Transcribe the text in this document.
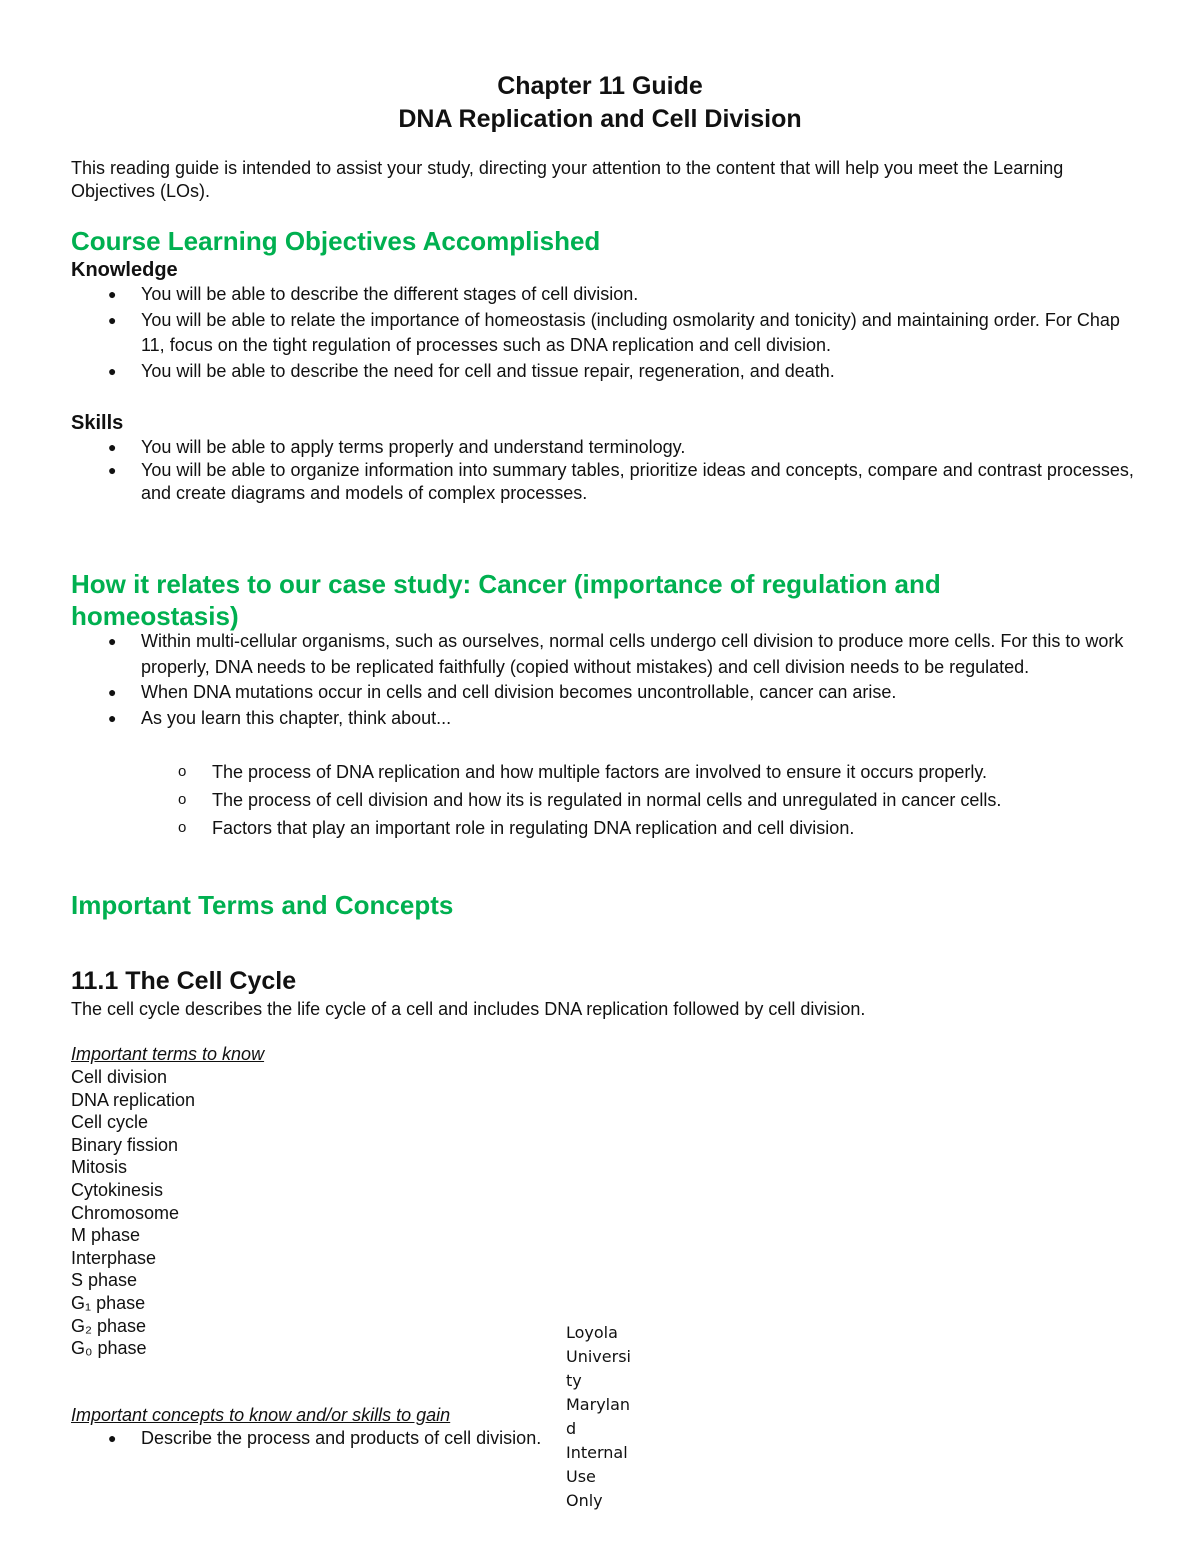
Chapter 11 Guide
DNA Replication and Cell Division
This reading guide is intended to assist your study, directing your attention to the content that will help you meet the Learning Objectives (LOs).
Course Learning Objectives Accomplished
Knowledge
● You will be able to describe the different stages of cell division.
● You will be able to relate the importance of homeostasis (including osmolarity and tonicity) and maintaining order. For Chap 11, focus on the tight regulation of processes such as DNA replication and cell division.
● You will be able to describe the need for cell and tissue repair, regeneration, and death.
Skills
● You will be able to apply terms properly and understand terminology.
● You will be able to organize information into summary tables, prioritize ideas and concepts, compare and contrast processes, and create diagrams and models of complex processes.
How it relates to our case study: Cancer (importance of regulation and homeostasis)
● Within multi-cellular organisms, such as ourselves, normal cells undergo cell division to produce more cells. For this to work properly, DNA needs to be replicated faithfully (copied without mistakes) and cell division needs to be regulated.
● When DNA mutations occur in cells and cell division becomes uncontrollable, cancer can arise.
● As you learn this chapter, think about...
o The process of DNA replication and how multiple factors are involved to ensure it occurs properly.
o The process of cell division and how its is regulated in normal cells and unregulated in cancer cells.
o Factors that play an important role in regulating DNA replication and cell division.
Important Terms and Concepts
11.1 The Cell Cycle
The cell cycle describes the life cycle of a cell and includes DNA replication followed by cell division.
Important terms to know
Cell division
DNA replication
Cell cycle
Binary fission
Mitosis
Cytokinesis
Chromosome
M phase
Interphase
S phase
G₁ phase
G₂ phase
G₀ phase
Important concepts to know and/or skills to gain
● Describe the process and products of cell division.
Loyola
Universi
ty
Marylan
d
Internal
Use
Only
